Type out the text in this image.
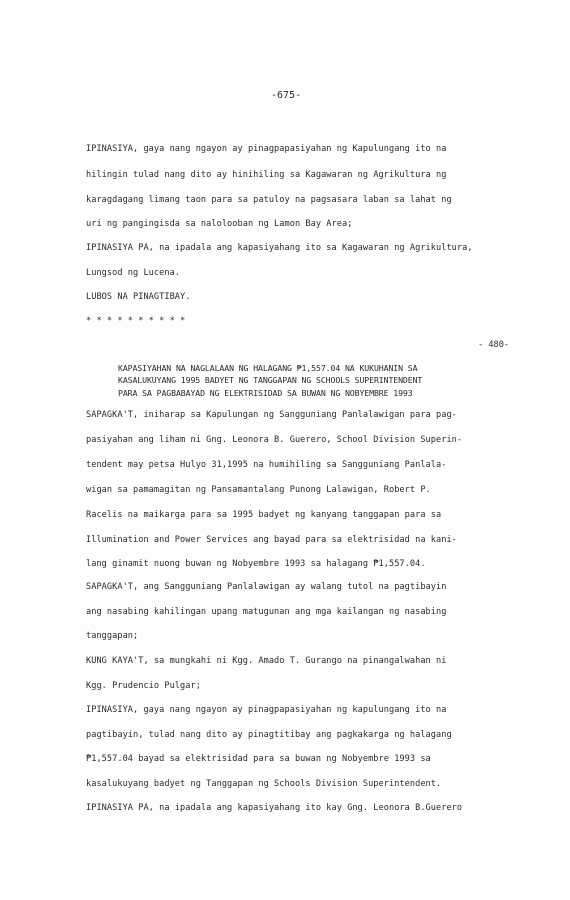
-675-
IPINASIYA, gaya nang ngayon ay pinagpapasiyahan ng Kapulungang ito na
hilingin tulad nang dito ay hinihiling sa Kagawaran ng Agrikultura ng
karagdagang limang taon para sa patuloy na pagsasara laban sa lahat ng
uri ng pangingisda sa nalolooban ng Lamon Bay Area;
IPINASIYA PA, na ipadala ang kapasiyahang ito sa Kagawaran ng Agrikultura,
Lungsod ng Lucena.
LUBOS NA PINAGTIBAY.
* * * * * * * * * *
- 480-
KAPASIYAHAN NA NAGLALAAN NG HALAGANG ₱1,557.04 NA KUKUHANIN SA
KASALUKUYANG 1995 BADYET NG TANGGAPAN NG SCHOOLS SUPERINTENDENT
PARA SA PAGBABAYAD NG ELEKTRISIDAD SA BUWAN NG NOBYEMBRE 1993
SAPAGKA'T, iniharap sa Kapulungan ng Sangguniang Panlalawigan para pag-
pasiyahan ang liham ni Gng. Leonora B. Guerero, School Division Superin-
tendent may petsa Hulyo 31,1995 na humihiling sa Sangguniang Panlala-
wigan sa pamamagitan ng Pansamantalang Punong Lalawigan, Robert P.
Racelis na maikarga para sa 1995 badyet ng kanyang tanggapan para sa
Illumination and Power Services ang bayad para sa elektrisidad na kani-
lang ginamit nuong buwan ng Nobyembre 1993 sa halagang ₱1,557.04.
SAPAGKA'T, ang Sangguniang Panlalawigan ay walang tutol na pagtibayin
ang nasabing kahilingan upang matugunan ang mga kailangan ng nasabing
tanggapan;
KUNG KAYA'T, sa mungkahi ni Kgg. Amado T. Gurango na pinangalwahan ni
Kgg. Prudencio Pulgar;
IPINASIYA, gaya nang ngayon ay pinagpapasiyahan ng kapulungang ito na
pagtibayin, tulad nang dito ay pinagtitibay ang pagkakarga ng halagang
₱1,557.04 bayad sa elektrisidad para sa buwan ng Nobyembre 1993 sa
kasalukuyang badyet ng Tanggapan ng Schools Division Superintendent.
IPINASIYA PA, na ipadala ang kapasiyahang ito kay Gng. Leonora B.Guerero
